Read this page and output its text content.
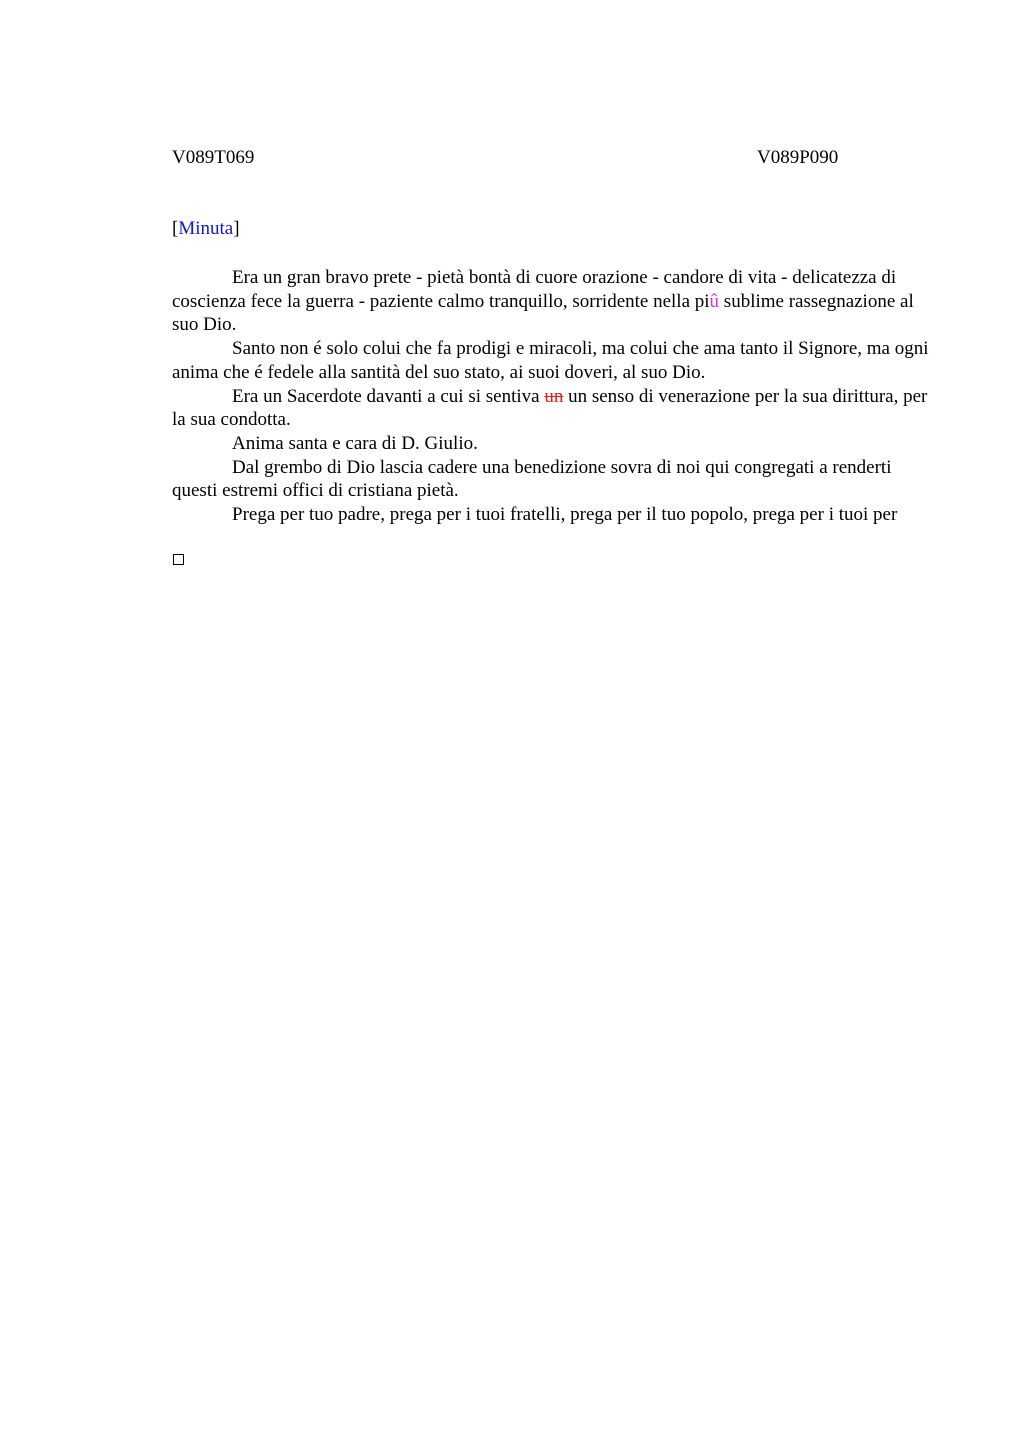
V089T069	V089P090
[Minuta]

Era un gran bravo prete - pietà bontà di cuore orazione - candore di vita - delicatezza di coscienza fece la guerra - paziente calmo tranquillo, sorridente nella piû sublime rassegnazione al suo Dio.

Santo non é solo colui che fa prodigi e miracoli, ma colui che ama tanto il Signore, ma ogni anima che é fedele alla santità del suo stato, ai suoi doveri, al suo Dio.

Era un Sacerdote davanti a cui si sentiva un un senso di venerazione per la sua dirittura, per la sua condotta.

Anima santa e cara di D. Giulio.

Dal grembo di Dio lascia cadere una benedizione sovra di noi qui congregati a renderti questi estremi offici di cristiana pietà.

Prega per tuo padre, prega per i tuoi fratelli, prega per il tuo popolo, prega per i tuoi per
